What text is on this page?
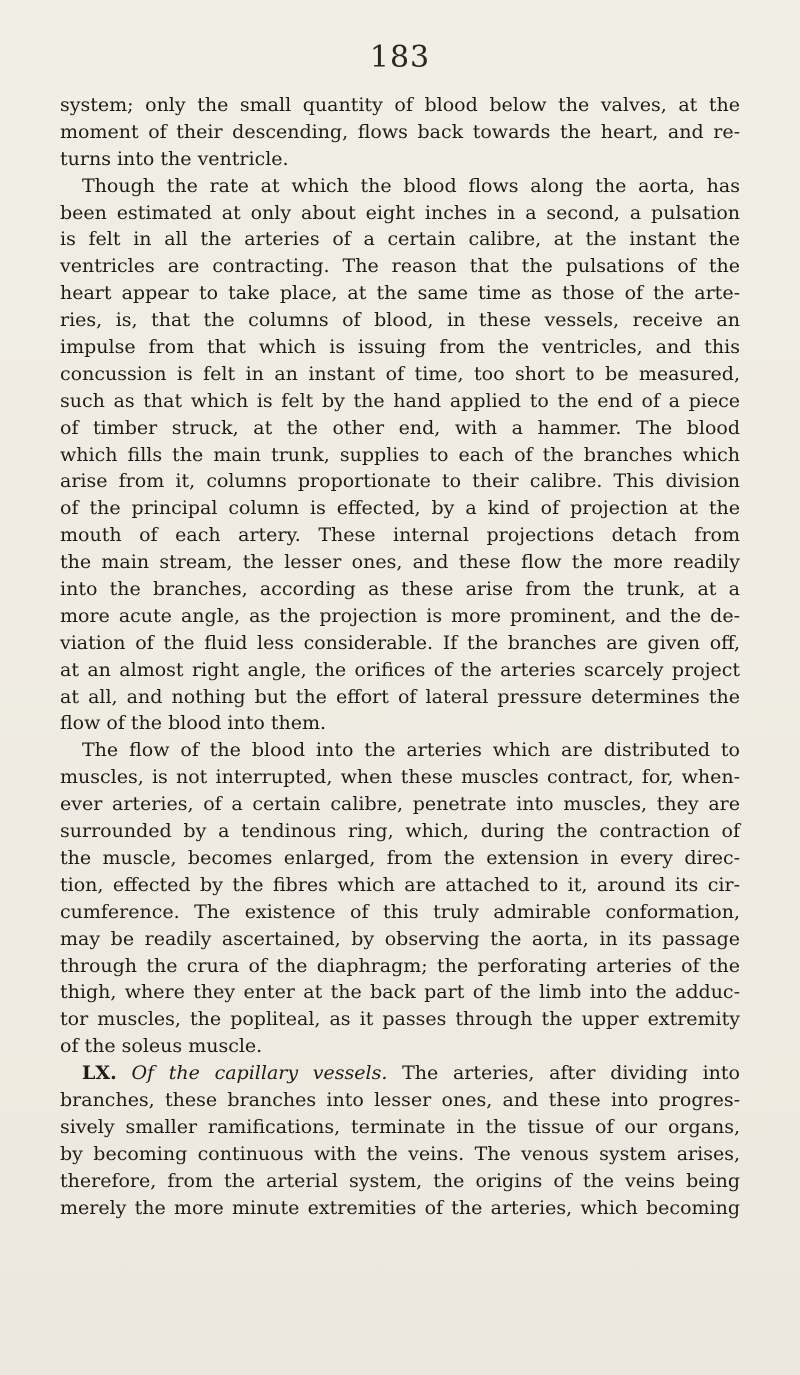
183
system; only the small quantity of blood below the valves, at the
moment of their descending, flows back towards the heart, and re-
turns into the ventricle.
Though the rate at which the blood flows along the aorta, has
been estimated at only about eight inches in a second, a pulsation
is felt in all the arteries of a certain calibre, at the instant the
ventricles are contracting. The reason that the pulsations of the
heart appear to take place, at the same time as those of the arte-
ries, is, that the columns of blood, in these vessels, receive an
impulse from that which is issuing from the ventricles, and this
concussion is felt in an instant of time, too short to be measured,
such as that which is felt by the hand applied to the end of a piece
of timber struck, at the other end, with a hammer. The blood
which fills the main trunk, supplies to each of the branches which
arise from it, columns proportionate to their calibre. This division
of the principal column is effected, by a kind of projection at the
mouth of each artery. These internal projections detach from
the main stream, the lesser ones, and these flow the more readily
into the branches, according as these arise from the trunk, at a
more acute angle, as the projection is more prominent, and the de-
viation of the fluid less considerable. If the branches are given off,
at an almost right angle, the orifices of the arteries scarcely project
at all, and nothing but the effort of lateral pressure determines the
flow of the blood into them.
The flow of the blood into the arteries which are distributed to
muscles, is not interrupted, when these muscles contract, for, when-
ever arteries, of a certain calibre, penetrate into muscles, they are
surrounded by a tendinous ring, which, during the contraction of
the muscle, becomes enlarged, from the extension in every direc-
tion, effected by the fibres which are attached to it, around its cir-
cumference. The existence of this truly admirable conformation,
may be readily ascertained, by observing the aorta, in its passage
through the crura of the diaphragm; the perforating arteries of the
thigh, where they enter at the back part of the limb into the adduc-
tor muscles, the popliteal, as it passes through the upper extremity
of the soleus muscle.
LX. Of the capillary vessels. The arteries, after dividing into
branches, these branches into lesser ones, and these into progres-
sively smaller ramifications, terminate in the tissue of our organs,
by becoming continuous with the veins. The venous system arises,
therefore, from the arterial system, the origins of the veins being
merely the more minute extremities of the arteries, which becoming
